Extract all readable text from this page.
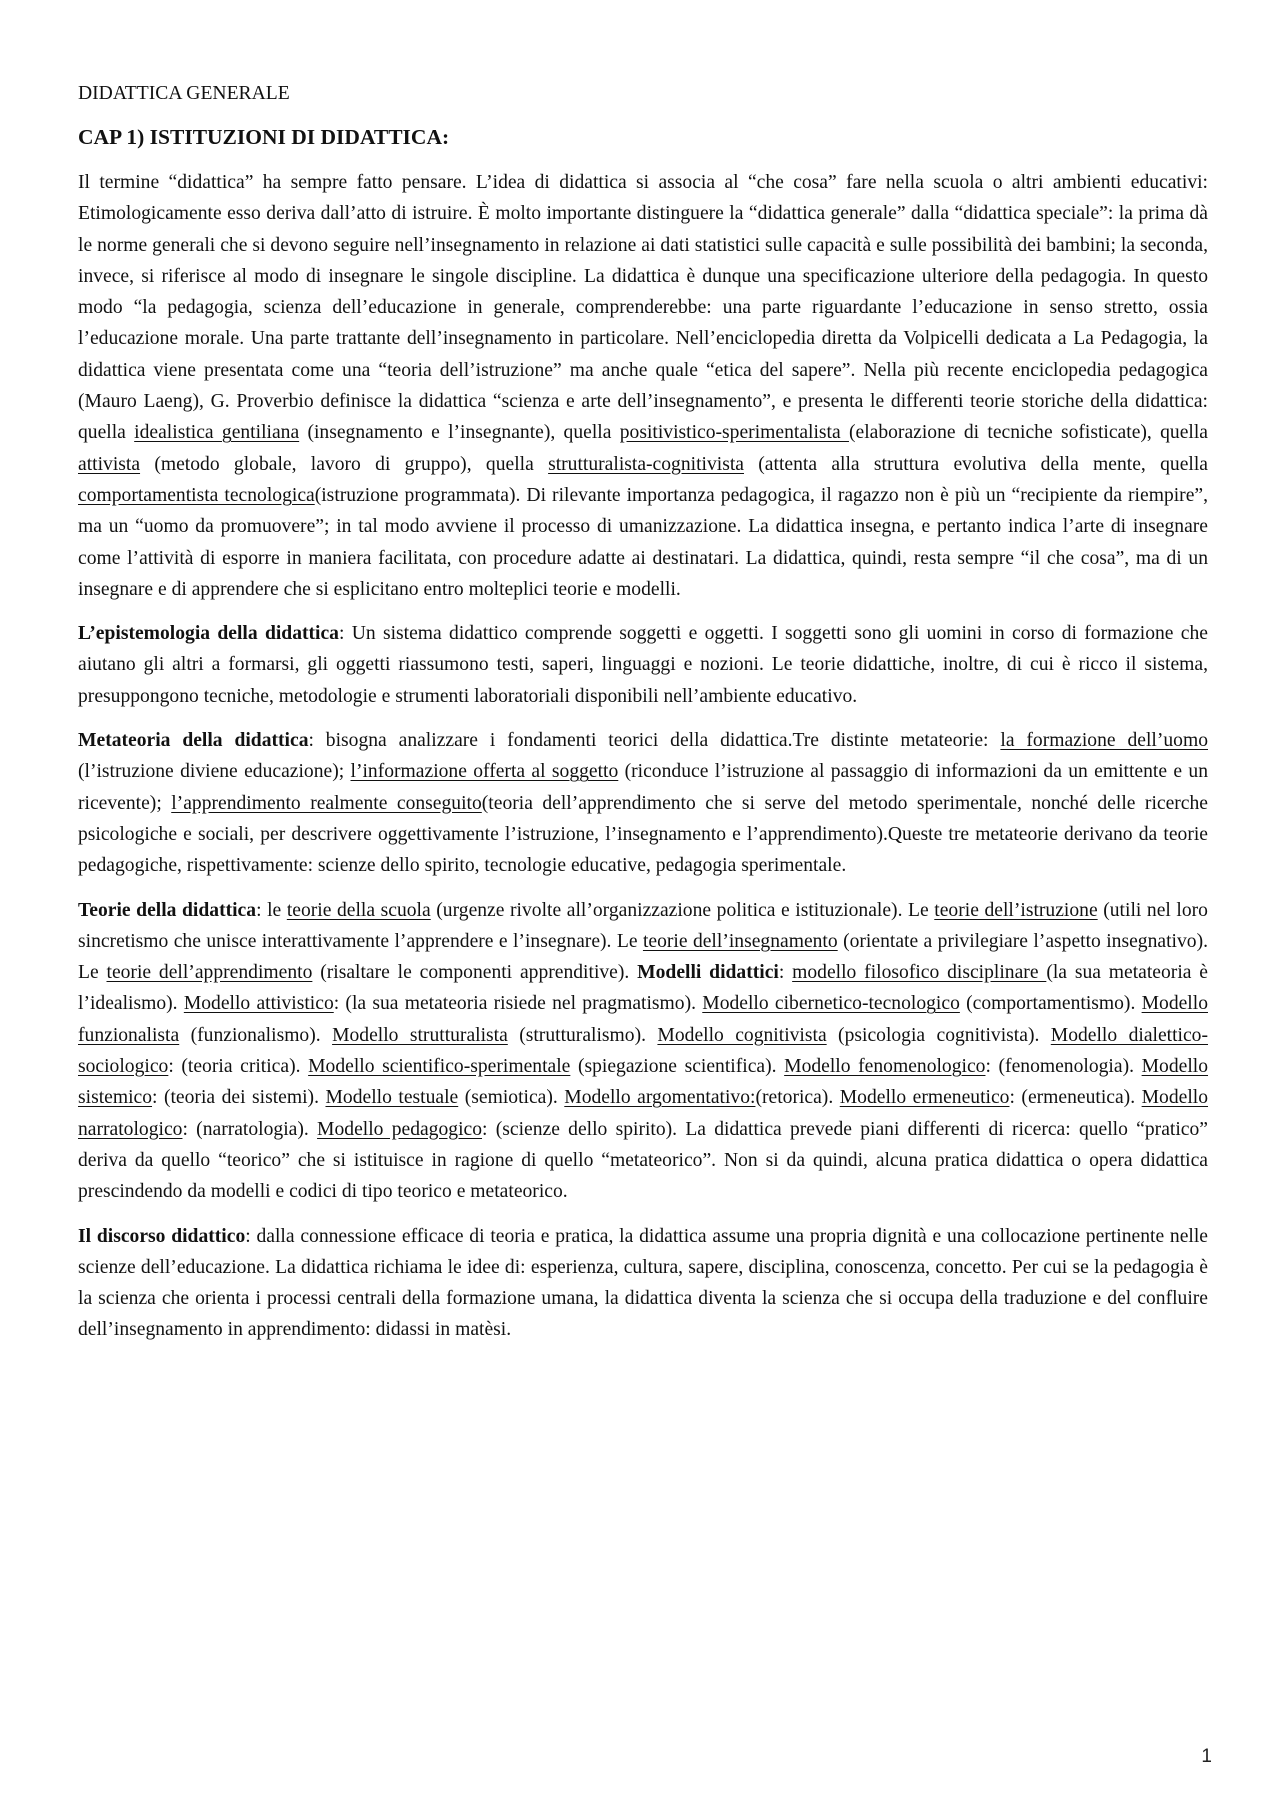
DIDATTICA GENERALE
CAP 1) ISTITUZIONI DI DIDATTICA:

Il termine “didattica” ha sempre fatto pensare. L’idea di didattica si associa al “che cosa” fare nella scuola o altri ambienti educativi: Etimologicamente esso deriva dall’atto di istruire. È molto importante distinguere la “didattica generale” dalla “didattica speciale”: la prima dà le norme generali che si devono seguire nell’insegnamento in relazione ai dati statistici sulle capacità e sulle possibilità dei bambini; la seconda, invece, si riferisce al modo di insegnare le singole discipline. La didattica è dunque una specificazione ulteriore della pedagogia. In questo modo “la pedagogia, scienza dell’educazione in generale, comprenderebbe: una parte riguardante l’educazione in senso stretto, ossia l’educazione morale. Una parte trattante dell’insegnamento in particolare. Nell’enciclopedia diretta da Volpicelli dedicata a La Pedagogia, la didattica viene presentata come una “teoria dell’istruzione” ma anche quale “etica del sapere”. Nella più recente enciclopedia pedagogica (Mauro Laeng), G. Proverbio definisce la didattica “scienza e arte dell’insegnamento”, e presenta le differenti teorie storiche della didattica: quella idealistica gentiliana (insegnamento e l’insegnante), quella positivistico-sperimentalista (elaborazione di tecniche sofisticate), quella attivista (metodo globale, lavoro di gruppo), quella strutturalista-cognitivista (attenta alla struttura evolutiva della mente, quella comportamentista tecnologica(istruzione programmata). Di rilevante importanza pedagogica, il ragazzo non è più un “recipiente da riempire”, ma un “uomo da promuovere”; in tal modo avviene il processo di umanizzazione. La didattica insegna, e pertanto indica l’arte di insegnare come l’attività di esporre in maniera facilitata, con procedure adatte ai destinatari. La didattica, quindi, resta sempre “il che cosa”, ma di un insegnare e di apprendere che si esplicitano entro molteplici teorie e modelli.

L’epistemologia della didattica: Un sistema didattico comprende soggetti e oggetti. I soggetti sono gli uomini in corso di formazione che aiutano gli altri a formarsi, gli oggetti riassumono testi, saperi, linguaggi e nozioni. Le teorie didattiche, inoltre, di cui è ricco il sistema, presuppongono tecniche, metodologie e strumenti laboratoriali disponibili nell’ambiente educativo.

Metateoria della didattica: bisogna analizzare i fondamenti teorici della didattica.Tre distinte metateorie: la formazione dell’uomo (l’istruzione diviene educazione); l’informazione offerta al soggetto (riconduce l’istruzione al passaggio di informazioni da un emittente e un ricevente); l’apprendimento realmente conseguito(teoria dell’apprendimento che si serve del metodo sperimentale, nonché delle ricerche psicologiche e sociali, per descrivere oggettivamente l’istruzione, l’insegnamento e l’apprendimento).Queste tre metateorie derivano da teorie pedagogiche, rispettivamente: scienze dello spirito, tecnologie educative, pedagogia sperimentale.

Teorie della didattica: le teorie della scuola (urgenze rivolte all’organizzazione politica e istituzionale). Le teorie dell’istruzione (utili nel loro sincretismo che unisce interattivamente l’apprendere e l’insegnare). Le teorie dell’insegnamento (orientate a privilegiare l’aspetto insegnativo). Le teorie dell’apprendimento (risaltare le componenti apprenditive). Modelli didattici: modello filosofico disciplinare (la sua metateoria è l’idealismo). Modello attivistico: (la sua metateoria risiede nel pragmatismo). Modello cibernetico-tecnologico (comportamentismo). Modello funzionalista (funzionalismo). Modello strutturalista (strutturalismo). Modello cognitivista (psicologia cognitivista). Modello dialettico-sociologico: (teoria critica). Modello scientifico-sperimentale (spiegazione scientifica). Modello fenomenologico: (fenomenologia). Modello sistemico: (teoria dei sistemi). Modello testuale (semiotica). Modello argomentativo:(retorica). Modello ermeneutico: (ermeneutica). Modello narratologico: (narratologia). Modello pedagogico: (scienze dello spirito). La didattica prevede piani differenti di ricerca: quello “pratico” deriva da quello “teorico” che si istituisce in ragione di quello “metateorico”. Non si da quindi, alcuna pratica didattica o opera didattica prescindendo da modelli e codici di tipo teorico e metateorico.

Il discorso didattico: dalla connessione efficace di teoria e pratica, la didattica assume una propria dignità e una collocazione pertinente nelle scienze dell’educazione. La didattica richiama le idee di: esperienza, cultura, sapere, disciplina, conoscenza, concetto. Per cui se la pedagogia è la scienza che orienta i processi centrali della formazione umana, la didattica diventa la scienza che si occupa della traduzione e del confluire dell’insegnamento in apprendimento: didassi in matèsi.

1
